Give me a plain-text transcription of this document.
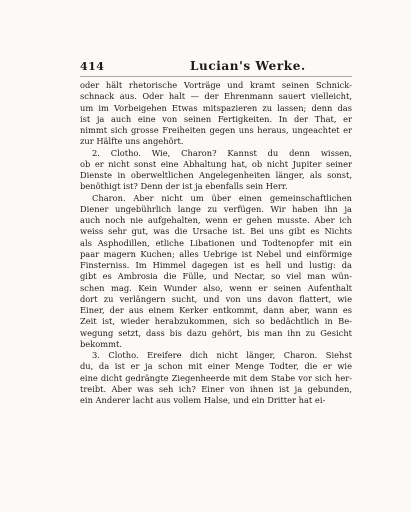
414	Lucian's Werke.
oder hält rhetorische Vorträge und kramt seinen Schnick-
schnack aus. Oder halt — der Ehrenmann sauert vielleicht,
um im Vorbeigehen Etwas mitspazieren zu lassen; denn das
ist ja auch eine von seinen Fertigkeiten. In der That, er
nimmt sich grosse Freiheiten gegen uns heraus, ungeachtet er
zur Hälfte uns angehört.
2. Clotho. Wie, Charon? Kannst du denn wissen,
ob er nicht sonst eine Abhaltung hat, ob nicht Jupiter seiner
Dienste in oberweltlichen Angelegenheiten länger, als sonst,
benöthigt ist? Denn der ist ja ebenfalls sein Herr.
Charon. Aber nicht um über einen gemeinschaftlichen
Diener ungebührlich lange zu verfügen. Wir haben ihn ja
auch noch nie aufgehalten, wenn er gehen musste. Aber ich
weiss sehr gut, was die Ursache ist. Bei uns gibt es Nichts
als Asphodillen, etliche Libationen und Todtenopfer mit ein
paar magern Kuchen; alles Uebrige ist Nebel und einförmige
Finsterniss. Im Himmel dagegen ist es hell und lustig: da
gibt es Ambrosia die Fülle, und Nectar, so viel man wün-
schen mag. Kein Wunder also, wenn er seinen Aufenthalt
dort zu verlängern sucht, und von uns davon flattert, wie
Einer, der aus einem Kerker entkommt, dann aber, wann es
Zeit ist, wieder herabzukommen, sich so bedächtlich in Be-
wegung setzt, dass bis dazu gehört, bis man ihn zu Gesicht
bekommt.
3. Clotho. Ereifere dich nicht länger, Charon. Siehst
du, da ist er ja schon mit einer Menge Todter, die er wie
eine dicht gedrängte Ziegenheerde mit dem Stabe vor sich her-
treibt. Aber was seh ich? Einer von ihnen ist ja gebunden,
ein Anderer lacht aus vollem Halse, und ein Dritter hat ei-
